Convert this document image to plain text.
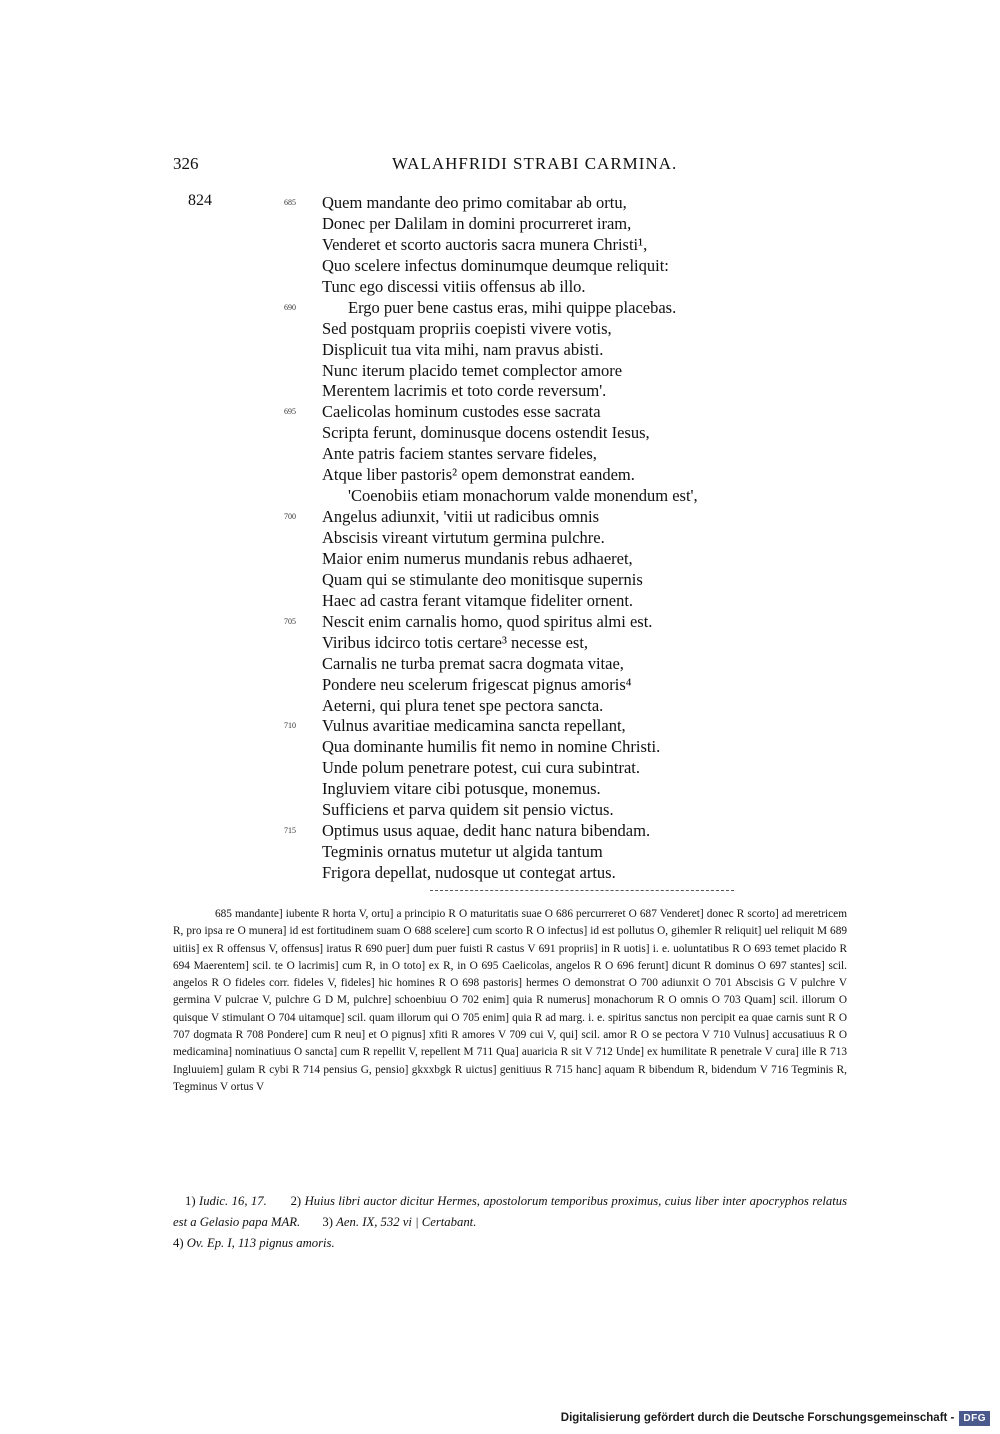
326	WALAHFRIDI STRABI CARMINA.
824	685 Quem mandante deo primo comitabar ab ortu,
Donec per Dalilam in domini procurreret iram,
Venderet et scorto auctoris sacra munera Christi¹,
Quo scelere infectus dominumque deumque reliquit:
Tunc ego discessi vitiis offensus ab illo.
690	Ergo puer bene castus eras, mihi quippe placebas.
Sed postquam propriis coepisti vivere votis,
Displicuit tua vita mihi, nam pravus abisti.
Nunc iterum placido temet complector amore
Merentem lacrimis et toto corde reversum'.
695 Caelicolas hominum custodes esse sacrata
Scripta ferunt, dominusque docens ostendit Iesus,
Ante patris faciem stantes servare fideles,
Atque liber pastoris² opem demonstrat eandem.
'Coenobiis etiam monachorum valde monendum est',
700 Angelus adiunxit, 'vitii ut radicibus omnis
Abscisis vireant virtutum germina pulchre.
Maior enim numerus mundanis rebus adhaeret,
Quam qui se stimulante deo monitisque supernis
Haec ad castra ferant vitamque fideliter ornent.
705 Nescit enim carnalis homo, quod spiritus almi est.
Viribus idcirco totis certare³ necesse est,
Carnalis ne turba premat sacra dogmata vitae,
Pondere neu scelerum frigescat pignus amoris⁴
Aeterni, qui plura tenet spe pectora sancta.
710 Vulnus avaritiae medicamina sancta repellant,
Qua dominante humilis fit nemo in nomine Christi.
Unde polum penetrare potest, cui cura subintrat.
Ingluviem vitare cibi potusque, monemus.
Sufficiens et parva quidem sit pensio victus.
715 Optimus usus aquae, dedit hanc natura bibendam.
Tegminis ornatus mutetur ut algida tantum
Frigora depellat, nudosque ut contegat artus.

685 mandante] iubente R horta V, ortu] a principio R O maturitatis suae O 686 percurreret O 687 Venderet] donec R scorto] ad meretricem R, pro ipsa re O munera] id est fortitudinem suam O 688 scelere] cum scorto R O infectus] id est pollutus O, gihemler R reliquit] uel reliquit M 689 uitiis] ex R offensus V, offensus] iratus R 690 puer] dum puer fuisti R castus V 691 propriis] in R uotis] i. e. uoluntatibus R O 693 temet placido R 694 Maerentem] scil. te O lacrimis] cum R, in O toto] ex R, in O 695 Caelicolas, angelos R O 696 ferunt] dicunt R dominus O 697 stantes] scil. angelos R O fideles corr. fideles V, fideles] hic homines R O 698 pastoris] hermes O demonstrat O 700 adiunxit O 701 Abscisis G V pulchre V germina V pulcrae V, pulchre G D M, pulchre] schoenbiuu O 702 enim] quia R numerus] monachorum R O omnis O 703 Quam] scil. illorum O quisque V stimulant O 704 uitamque] scil. quam illorum qui O 705 enim] quia R ad marg. i. e. spiritus sanctus non percipit ea quae carnis sunt R O 707 dogmata R 708 Pondere] cum R neu] et O pignus] xfiti R amores V 709 cui V, qui] scil. amor R O se pectora V 710 Vulnus] accusatiuus R O medicamina] nominatiuus O sancta] cum R repellit V, repellent M 711 Qua] auaricia R sit V 712 Unde] ex humilitate R penetrale V cura] ille R 713 Ingluuiem] gulam R cybi R 714 pensius G, pensio] gkxxbgk R uictus] genitiuus R 715 hanc] aquam R bibendum R, bidendum V 716 Tegminis R, Tegminus V ortus V

1) Iudic. 16, 17. 2) Huius libri auctor dicitur Hermes, apostolorum temporibus proximus, cuius liber inter apocryphos relatus est a Gelasio papa MAR. 3) Aen. IX, 532 vi | Certabant.

4) Ov. Ep. I, 113 pignus amoris.

Digitalisierung gefördert durch die Deutsche Forschungsgemeinschaft - DFG
